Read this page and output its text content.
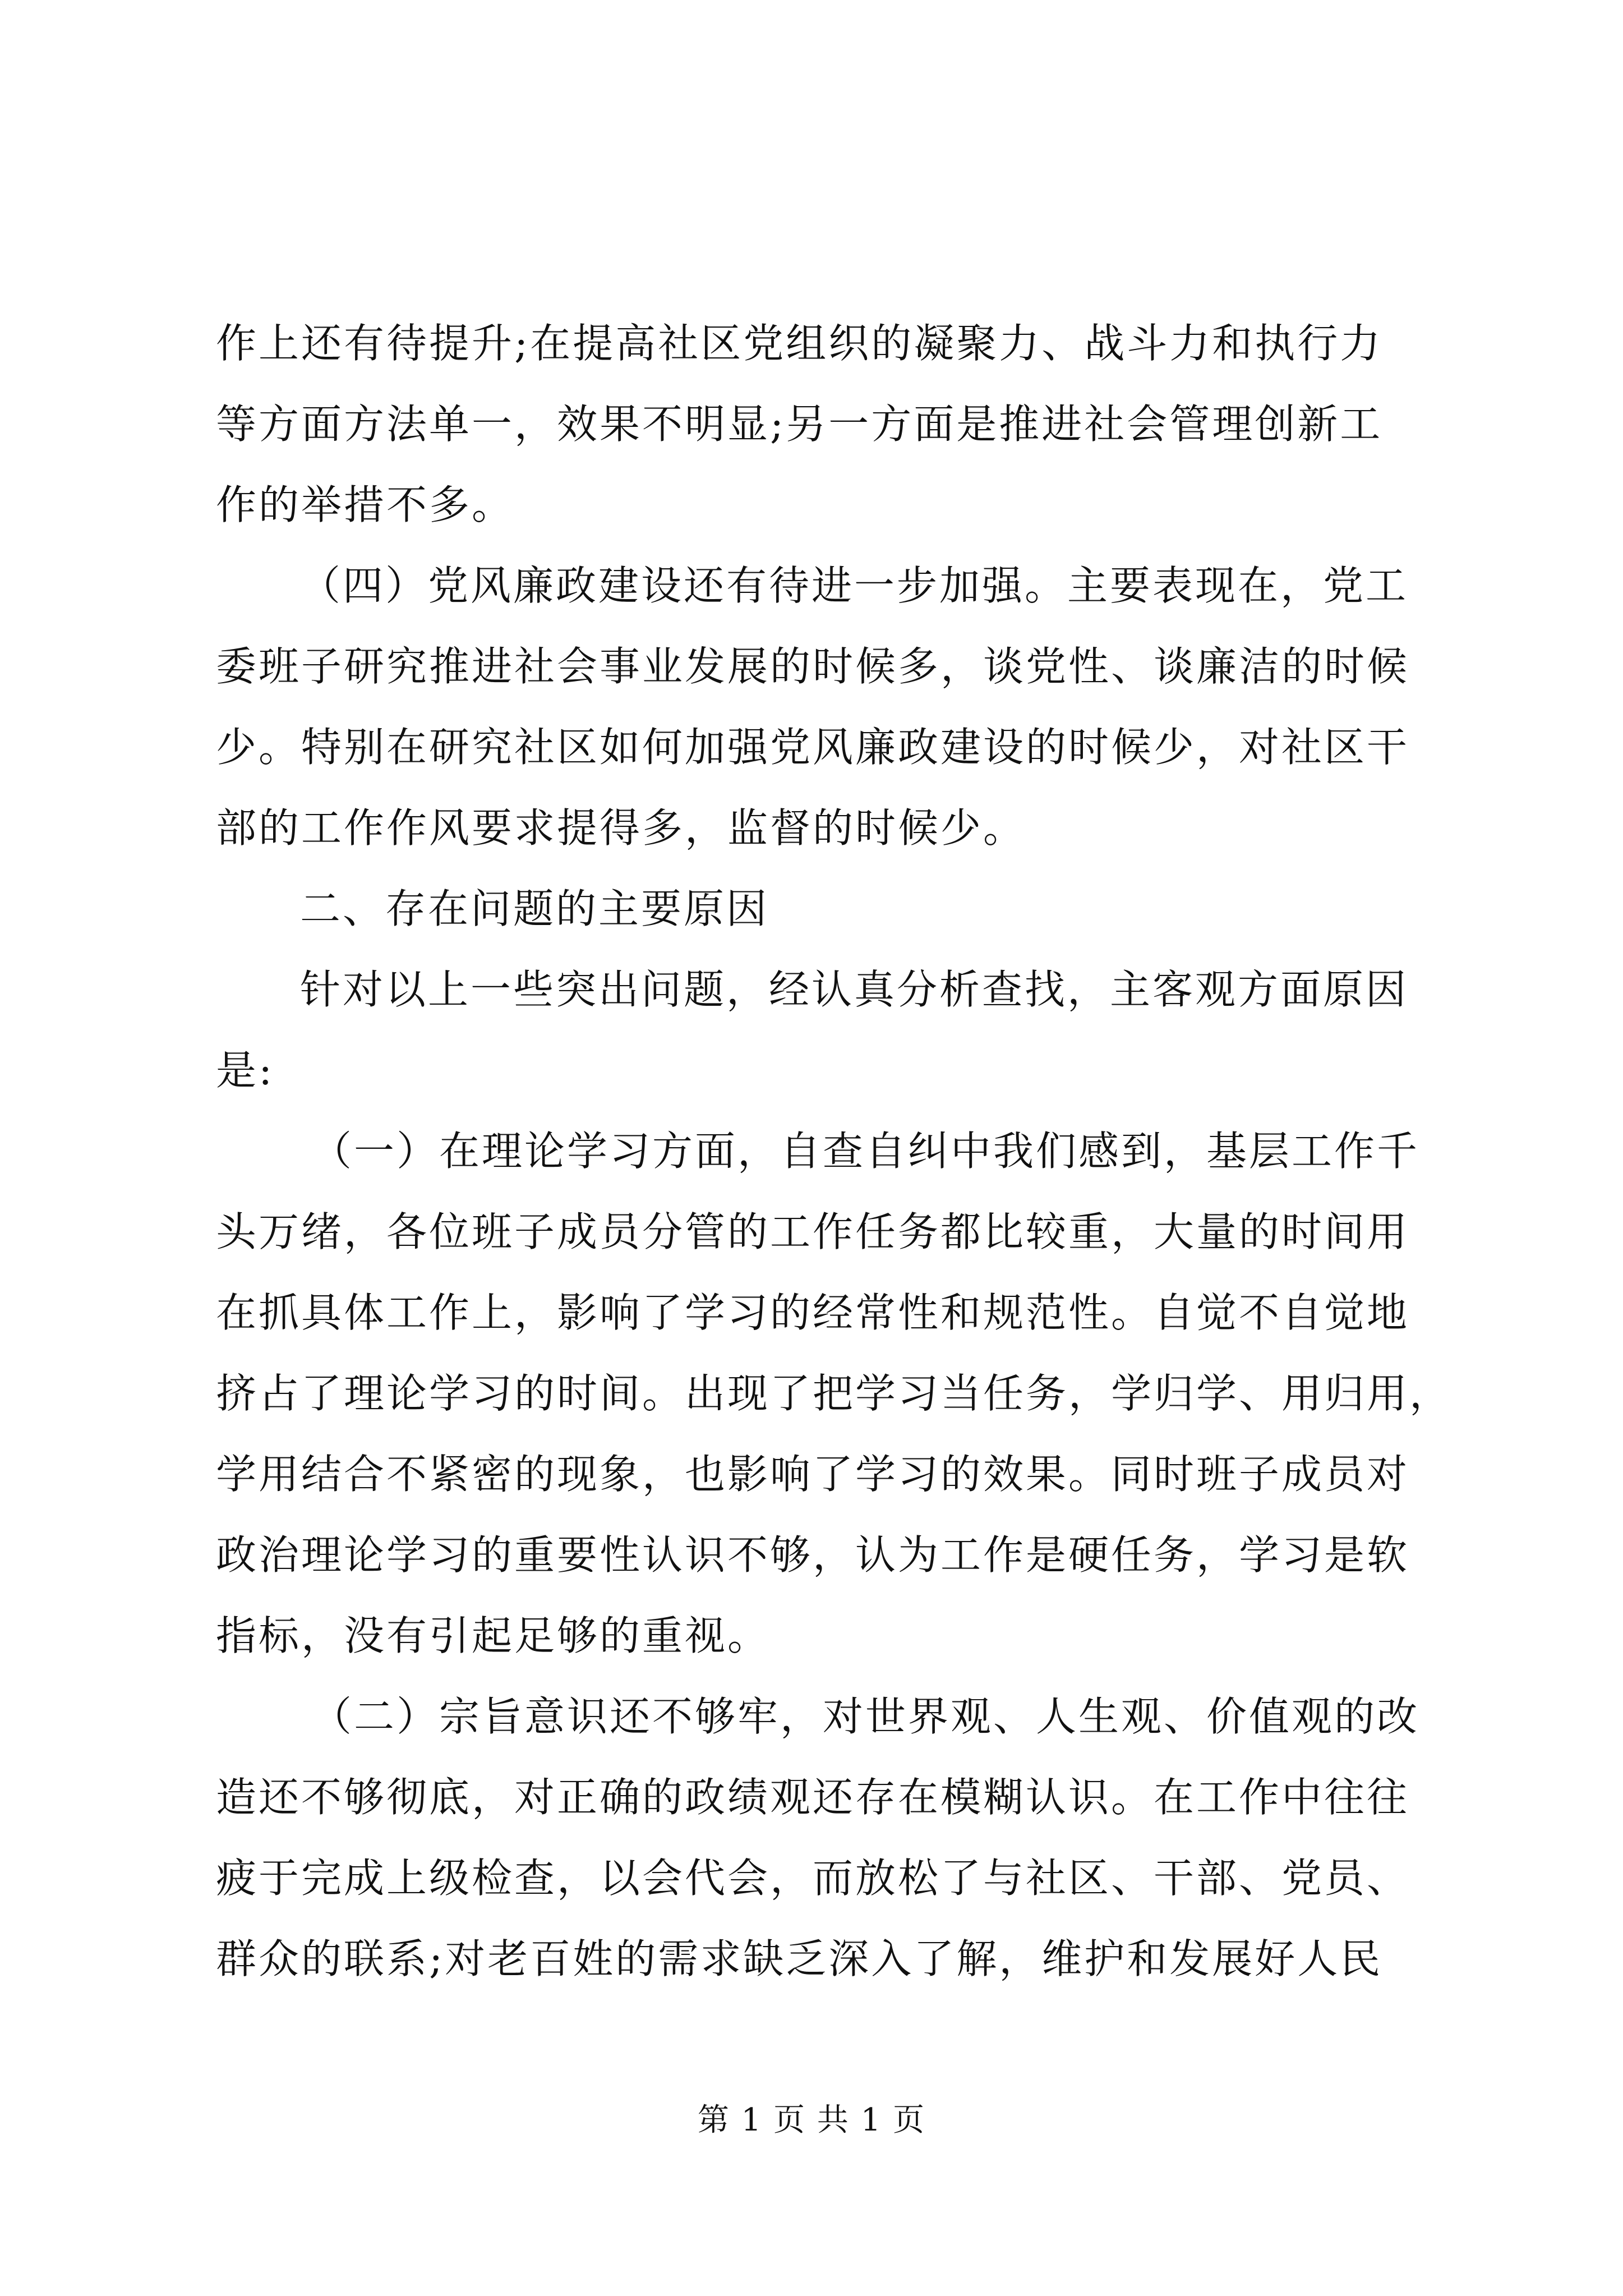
作上还有待提升;在提高社区党组织的凝聚力、战斗力和执行力
等方面方法单一，效果不明显;另一方面是推进社会管理创新工
作的举措不多。
（四）党风廉政建设还有待进一步加强。主要表现在，党工
委班子研究推进社会事业发展的时候多，谈党性、谈廉洁的时候
少。特别在研究社区如何加强党风廉政建设的时候少，对社区干
部的工作作风要求提得多，监督的时候少。
二、存在问题的主要原因
针对以上一些突出问题，经认真分析查找，主客观方面原因
是:
（一）在理论学习方面，自查自纠中我们感到，基层工作千
头万绪，各位班子成员分管的工作任务都比较重，大量的时间用
在抓具体工作上，影响了学习的经常性和规范性。自觉不自觉地
挤占了理论学习的时间。出现了把学习当任务，学归学、用归用，
学用结合不紧密的现象，也影响了学习的效果。同时班子成员对
政治理论学习的重要性认识不够，认为工作是硬任务，学习是软
指标，没有引起足够的重视。
（二）宗旨意识还不够牢，对世界观、人生观、价值观的改
造还不够彻底，对正确的政绩观还存在模糊认识。在工作中往往
疲于完成上级检查，以会代会，而放松了与社区、干部、党员、
群众的联系;对老百姓的需求缺乏深入了解，维护和发展好人民
第 1 页 共 1 页
